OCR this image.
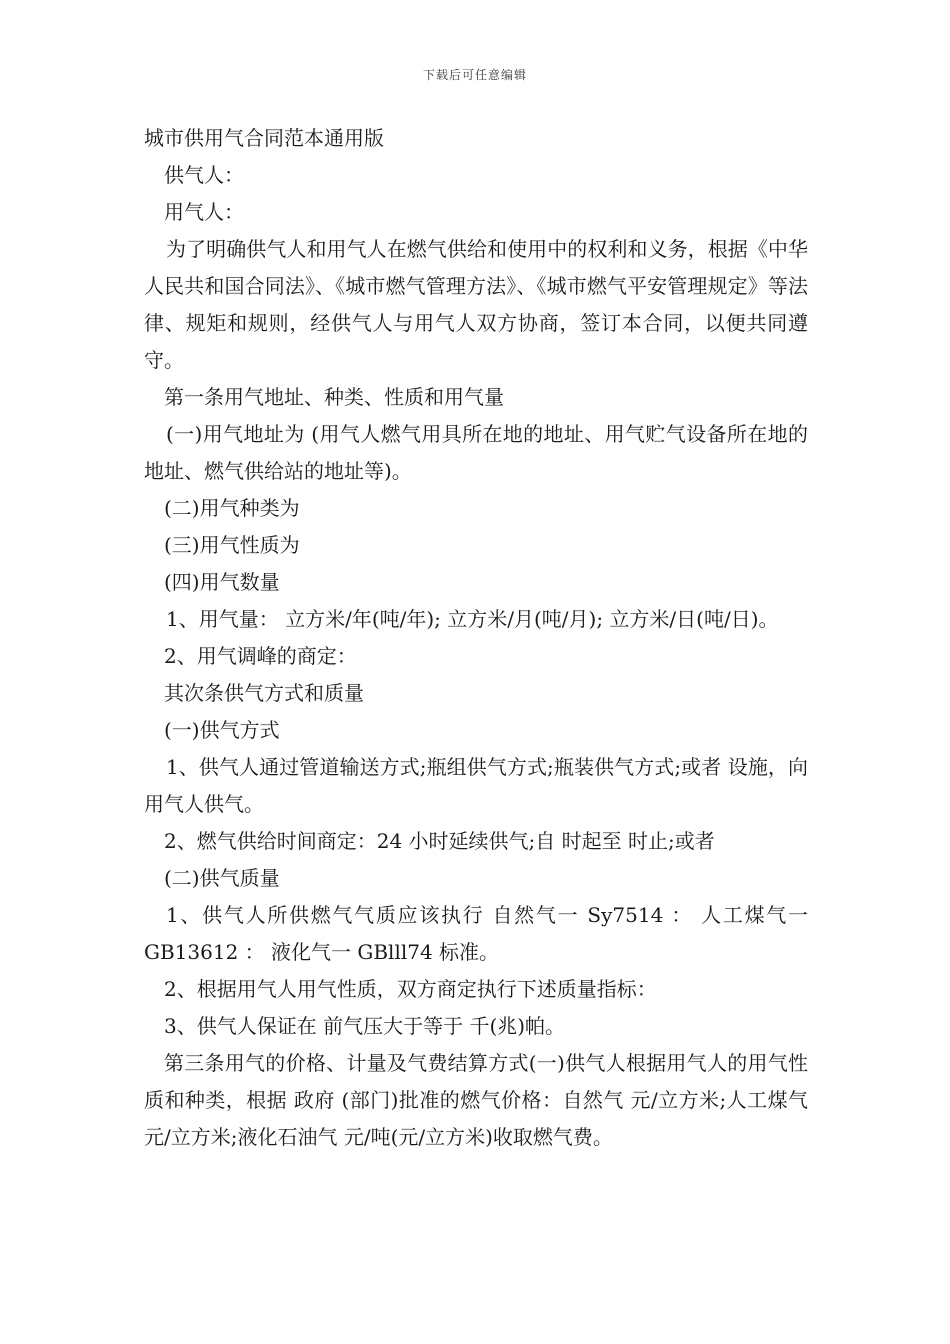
下载后可任意编辑

城市供用气合同范本通用版

供气人：

用气人：

为了明确供气人和用气人在燃气供给和使用中的权利和义务，根据《中华人民共和国合同法》、《城市燃气管理方法》、《城市燃气平安管理规定》等法律、规矩和规则，经供气人与用气人双方协商，签订本合同，以便共同遵守。

第一条用气地址、种类、性质和用气量

(一)用气地址为 (用气人燃气用具所在地的地址、用气贮气设备所在地的地址、燃气供给站的地址等)。

(二)用气种类为

(三)用气性质为

(四)用气数量

1、用气量： 立方米/年(吨/年); 立方米/月(吨/月); 立方米/日(吨/日)。

2、用气调峰的商定：

其次条供气方式和质量

(一)供气方式

1、供气人通过管道输送方式;瓶组供气方式;瓶装供气方式;或者 设施，向用气人供气。

2、燃气供给时间商定：24 小时延续供气;自 时起至 时止;或者

(二)供气质量

1、供气人所供燃气气质应该执行 自然气一 Sy7514 ： 人工煤气一 GB13612 ： 液化气一 GBlll74 标准。

2、根据用气人用气性质，双方商定执行下述质量指标：

3、供气人保证在 前气压大于等于 千(兆)帕。

第三条用气的价格、计量及气费结算方式(一)供气人根据用气人的用气性质和种类，根据 政府 (部门)批准的燃气价格：自然气 元/立方米;人工煤气 元/立方米;液化石油气 元/吨(元/立方米)收取燃气费。
